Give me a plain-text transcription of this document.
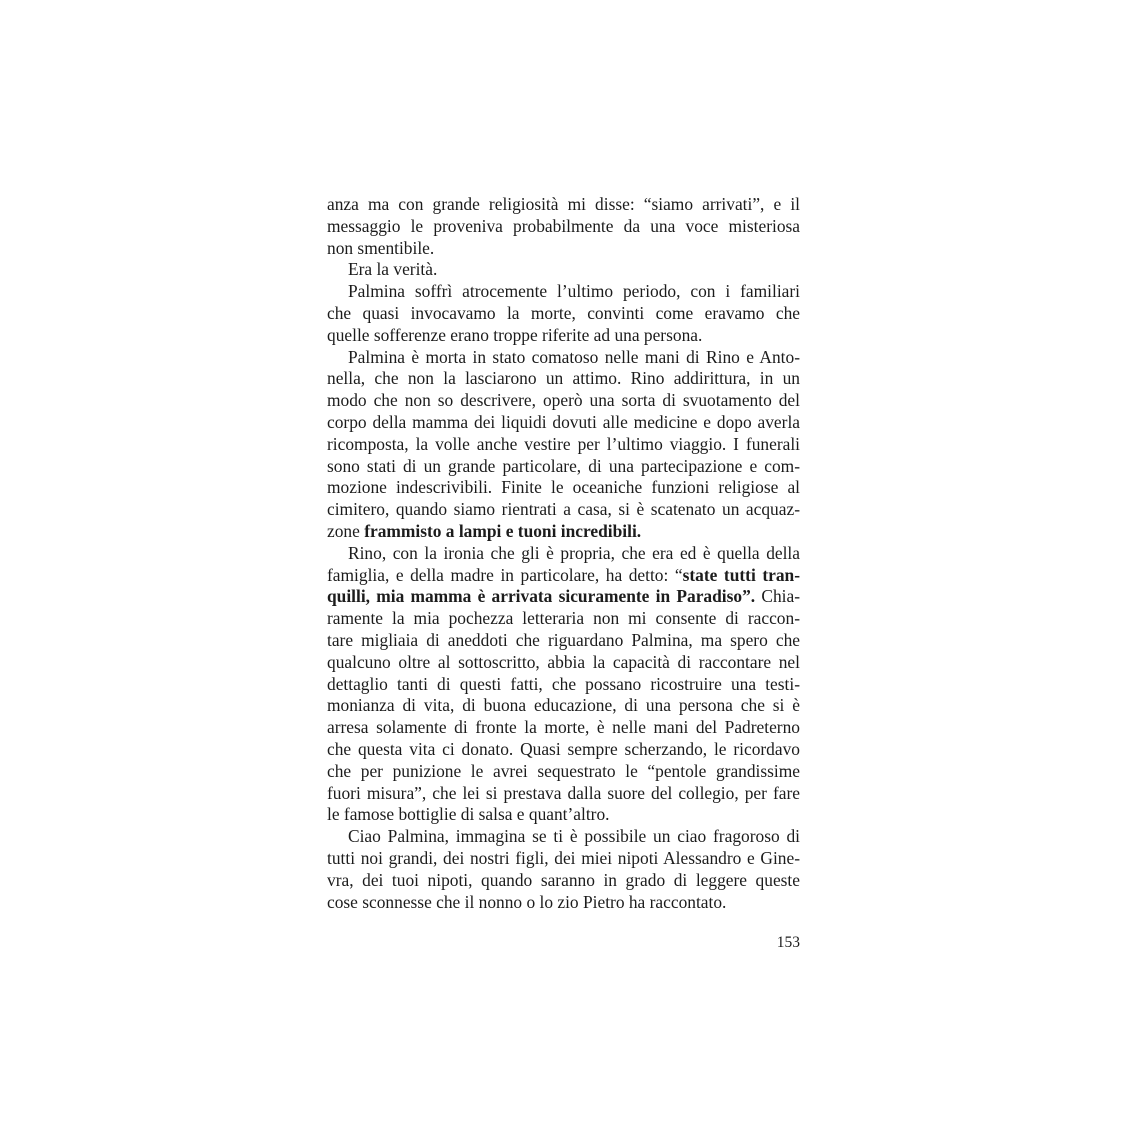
anza ma con grande religiosità mi disse: “siamo arrivati”, e il
messaggio le proveniva probabilmente da una voce misteriosa
non smentibile.
Era la verità.
Palmina soffrì atrocemente l’ultimo periodo, con i familiari
che quasi invocavamo la morte, convinti come eravamo che
quelle sofferenze erano troppe riferite ad una persona.
Palmina è morta in stato comatoso nelle mani di Rino e Anto-
nella, che non la lasciarono un attimo. Rino addirittura, in un
modo che non so descrivere, operò una sorta di svuotamento del
corpo della mamma dei liquidi dovuti alle medicine e dopo averla
ricomposta, la volle anche vestire per l’ultimo viaggio. I funerali
sono stati di un grande particolare, di una partecipazione e com-
mozione indescrivibili. Finite le oceaniche funzioni religiose al
cimitero, quando siamo rientrati a casa, si è scatenato un acquaz-
zone frammisto a lampi e tuoni incredibili.
Rino, con la ironia che gli è propria, che era ed è quella della
famiglia, e della madre in particolare, ha detto: “state tutti tran-
quilli, mia mamma è arrivata sicuramente in Paradiso”. Chia-
ramente la mia pochezza letteraria non mi consente di raccon-
tare migliaia di aneddoti che riguardano Palmina, ma spero che
qualcuno oltre al sottoscritto, abbia la capacità di raccontare nel
dettaglio tanti di questi fatti, che possano ricostruire una testi-
monianza di vita, di buona educazione, di una persona che si è
arresa solamente di fronte la morte, è nelle mani del Padreterno
che questa vita ci donato. Quasi sempre scherzando, le ricordavo
che per punizione le avrei sequestrato le “pentole grandissime
fuori misura”, che lei si prestava dalla suore del collegio, per fare
le famose bottiglie di salsa e quant’altro.
Ciao Palmina, immagina se ti è possibile un ciao fragoroso di
tutti noi grandi, dei nostri figli, dei miei nipoti Alessandro e Gine-
vra, dei tuoi nipoti, quando saranno in grado di leggere queste
cose sconnesse che il nonno o lo zio Pietro ha raccontato.
153
